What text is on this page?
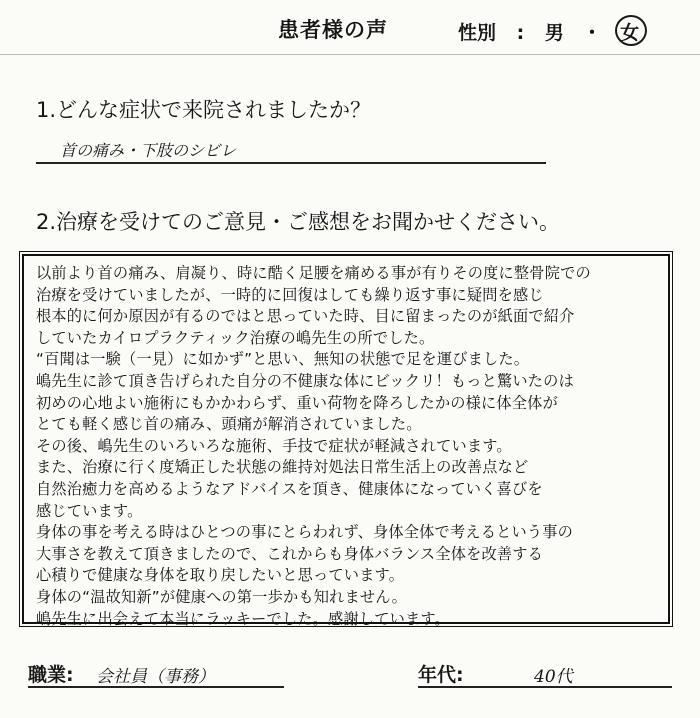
患者様の声	性別 : 男 ・ 女
1.どんな症状で来院されましたか？
首の痛み・下肢のシビレ
2.治療を受けてのご意見・ご感想をお聞かせください。
以前より首の痛み、肩凝り、時に酷く足腰を痛める事が有りその度に整骨院での
治療を受けていましたが、一時的に回復はしても繰り返す事に疑問を感じ
根本的に何か原因が有るのではと思っていた時、目に留まったのが紙面で紹介
していたカイロプラクティック治療の嶋先生の所でした。
“百聞は一験（一見）に如かず”と思い、無知の状態で足を運びました。
嶋先生に診て頂き告げられた自分の不健康な体にビックリ！もっと驚いたのは
初めの心地よい施術にもかかわらず、重い荷物を降ろしたかの様に体全体が
とても軽く感じ首の痛み、頭痛が解消されていました。
その後、嶋先生のいろいろな施術、手技で症状が軽減されています。
また、治療に行く度矯正した状態の維持対処法日常生活上の改善点など
自然治癒力を高めるようなアドバイスを頂き、健康体になっていく喜びを
感じています。
身体の事を考える時はひとつの事にとらわれず、身体全体で考えるという事の
大事さを教えて頂きましたので、これからも身体バランス全体を改善する
心積りで健康な身体を取り戻したいと思っています。
身体の“温故知新”が健康への第一歩かも知れません。
嶋先生に出会えて本当にラッキーでした。感謝しています。
職業: 会社員（事務）	年代:	40代
